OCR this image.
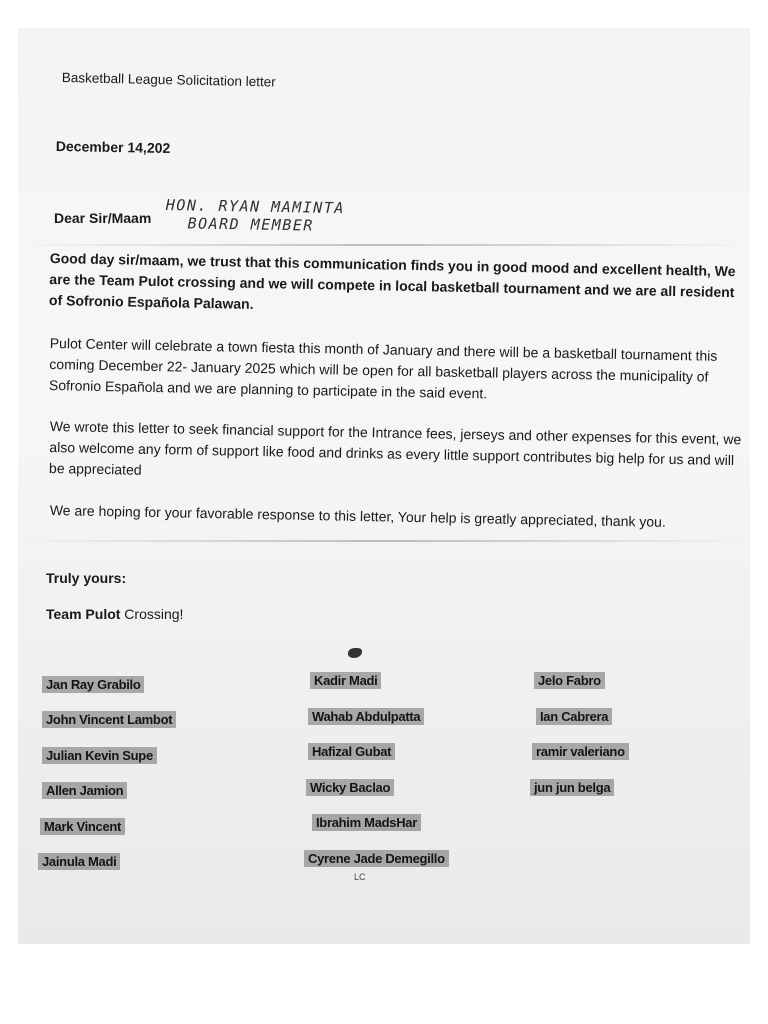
Basketball League Solicitation letter
December 14,202
Dear Sir/Maam
HON. RYAN MAMINTA
BOARD MEMBER
Good day sir/maam, we trust that this communication finds you in good mood and excellent health, We are the Team Pulot crossing and we will compete in local basketball tournament and we are all resident of Sofronio Española Palawan.
Pulot Center will celebrate a town fiesta this month of January and there will be a basketball tournament this coming December 22- January 2025 which will be open for all basketball players across the municipality of Sofronio Española and we are planning to participate in the said event.
We wrote this letter to seek financial support for the Intrance fees, jerseys and other expenses for this event, we also welcome any form of support like food and drinks as every little support contributes big help for us and will be appreciated
We are hoping for your favorable response to this letter, Your help is greatly appreciated, thank you.
Truly yours:
Team Pulot Crossing!
Jan Ray Grabilo
John Vincent Lambot
Julian Kevin Supe
Allen Jamion
Mark Vincent
Jainula Madi
Kadir Madi
Wahab Abdulpatta
Hafizal Gubat
Wicky Baclao
Ibrahim MadsHar
Cyrene Jade Demegillo
Jelo Fabro
Ian Cabrera
ramir valeriano
jun jun belga
LC
